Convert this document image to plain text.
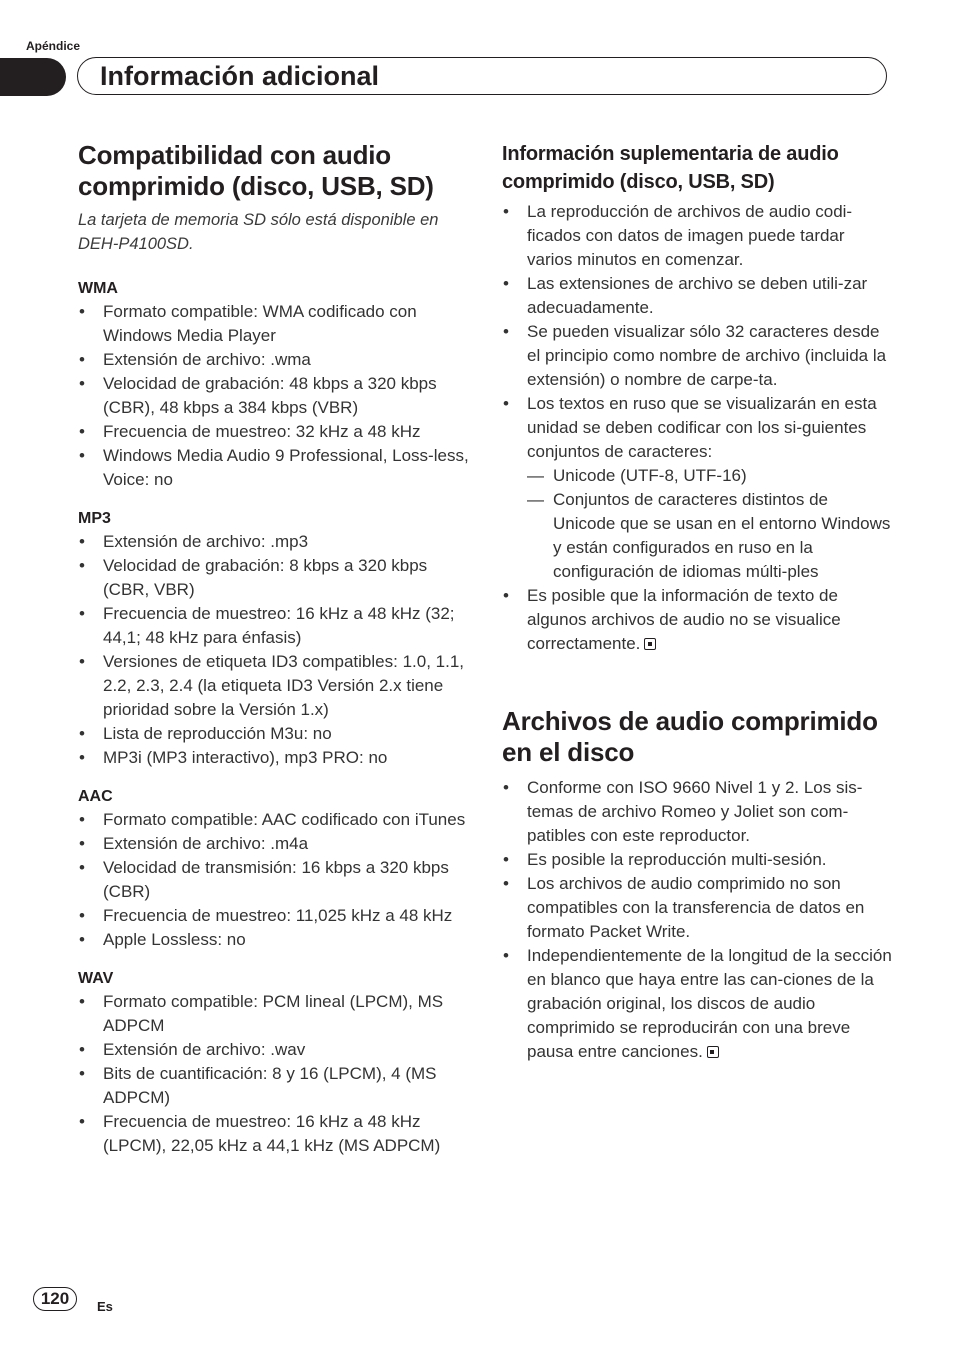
Apéndice
Información adicional
Compatibilidad con audio comprimido (disco, USB, SD)

La tarjeta de memoria SD sólo está disponible en DEH-P4100SD.

WMA
• Formato compatible: WMA codificado con Windows Media Player
• Extensión de archivo: .wma
• Velocidad de grabación: 48 kbps a 320 kbps (CBR), 48 kbps a 384 kbps (VBR)
• Frecuencia de muestreo: 32 kHz a 48 kHz
• Windows Media Audio 9 Professional, Loss-less, Voice: no
MP3
• Extensión de archivo: .mp3
• Velocidad de grabación: 8 kbps a 320 kbps (CBR, VBR)
• Frecuencia de muestreo: 16 kHz a 48 kHz (32; 44,1; 48 kHz para énfasis)
• Versiones de etiqueta ID3 compatibles: 1.0, 1.1, 2.2, 2.3, 2.4 (la etiqueta ID3 Versión 2.x tiene prioridad sobre la Versión 1.x)
• Lista de reproducción M3u: no
• MP3i (MP3 interactivo), mp3 PRO: no
AAC
• Formato compatible: AAC codificado con iTunes
• Extensión de archivo: .m4a
• Velocidad de transmisión: 16 kbps a 320 kbps (CBR)
• Frecuencia de muestreo: 11,025 kHz a 48 kHz
• Apple Lossless: no
WAV
• Formato compatible: PCM lineal (LPCM), MS ADPCM
• Extensión de archivo: .wav
• Bits de cuantificación: 8 y 16 (LPCM), 4 (MS ADPCM)
• Frecuencia de muestreo: 16 kHz a 48 kHz (LPCM), 22,05 kHz a 44,1 kHz (MS ADPCM)
Información suplementaria de audio comprimido (disco, USB, SD)
• La reproducción de archivos de audio codi-ficados con datos de imagen puede tardar varios minutos en comenzar.
• Las extensiones de archivo se deben utili-zar adecuadamente.
• Se pueden visualizar sólo 32 caracteres desde el principio como nombre de archivo (incluida la extensión) o nombre de carpe-ta.
• Los textos en ruso que se visualizarán en esta unidad se deben codificar con los si-guientes conjuntos de caracteres:
— Unicode (UTF-8, UTF-16)
— Conjuntos de caracteres distintos de Unicode que se usan en el entorno Windows y están configurados en ruso en la configuración de idiomas múlti-ples
• Es posible que la información de texto de algunos archivos de audio no se visualice correctamente.
Archivos de audio comprimido en el disco
• Conforme con ISO 9660 Nivel 1 y 2. Los sis-temas de archivo Romeo y Joliet son com-patibles con este reproductor.
• Es posible la reproducción multi-sesión.
• Los archivos de audio comprimido no son compatibles con la transferencia de datos en formato Packet Write.
• Independientemente de la longitud de la sección en blanco que haya entre las can-ciones de la grabación original, los discos de audio comprimido se reproducirán con una breve pausa entre canciones.
120	Es
